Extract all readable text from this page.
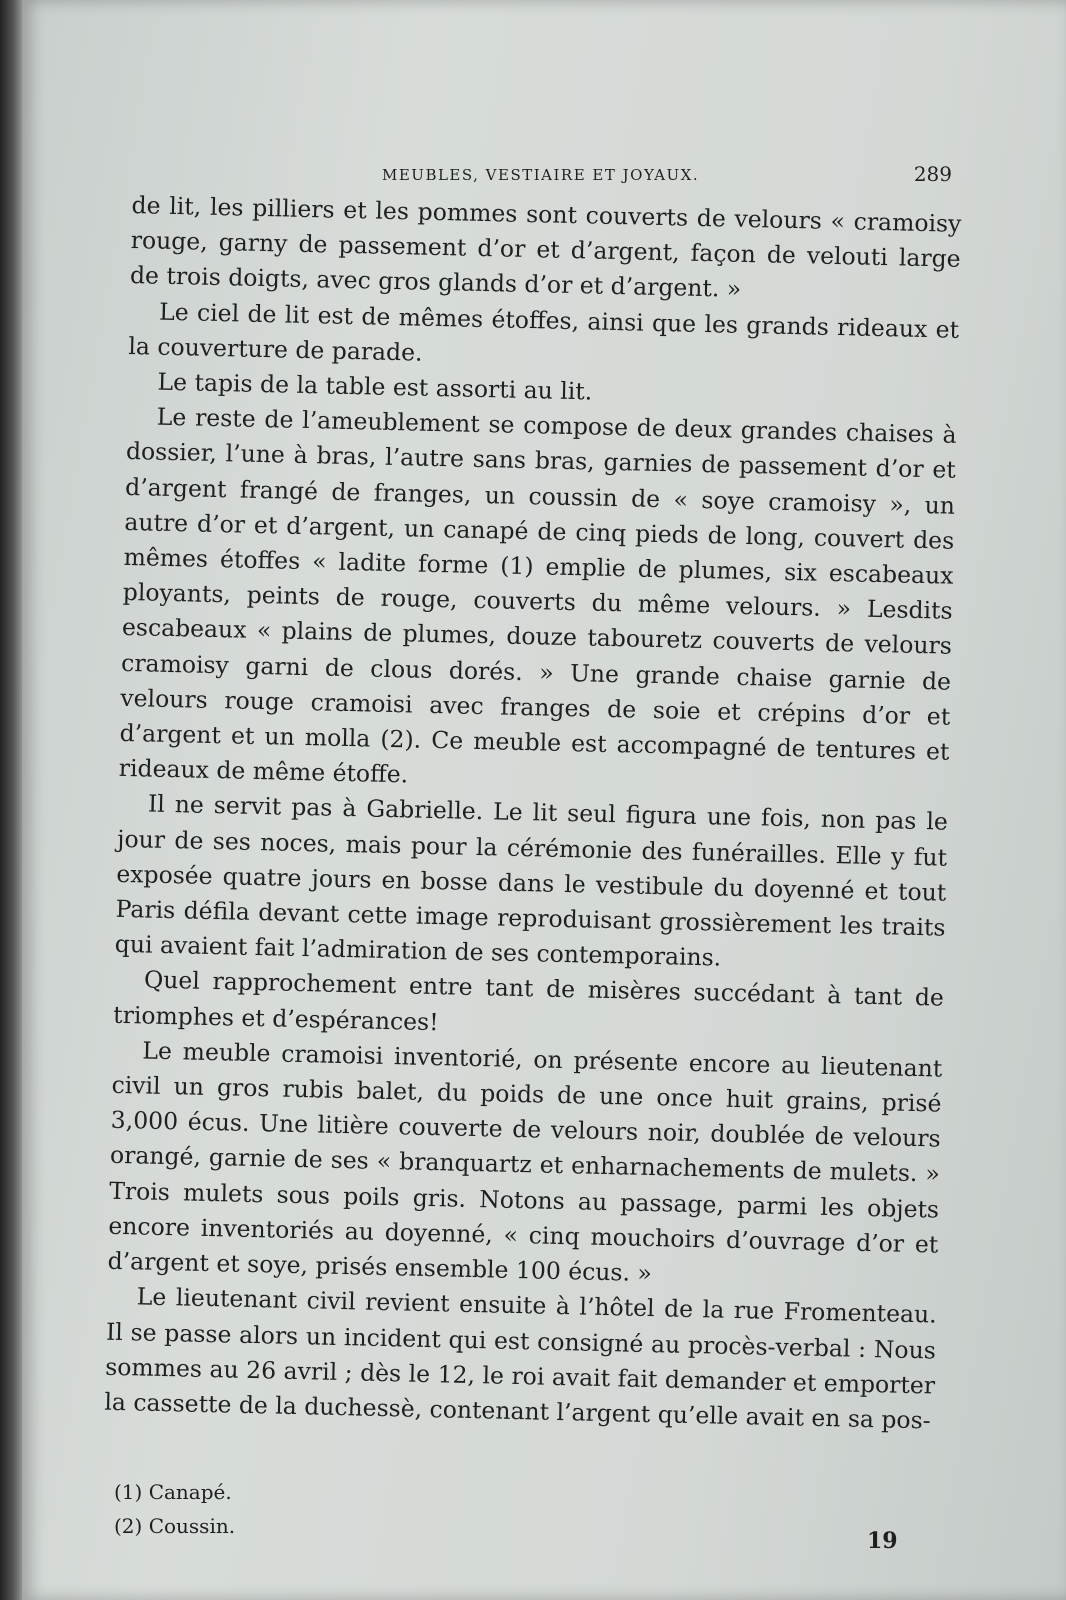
MEUBLES, VESTIAIRE ET JOYAUX.	289

de lit, les pilliers et les pommes sont couverts de velours « cramoisy rouge, garny de passement d’or et d’argent, façon de velouti large de trois doigts, avec gros glands d’or et d’argent. »

Le ciel de lit est de mêmes étoffes, ainsi que les grands rideaux et la couverture de parade.

Le tapis de la table est assorti au lit.

Le reste de l’ameublement se compose de deux grandes chaises à dossier, l’une à bras, l’autre sans bras, garnies de passement d’or et d’argent frangé de franges, un coussin de « soye cramoisy », un autre d’or et d’argent, un canapé de cinq pieds de long, couvert des mêmes étoffes « ladite forme (1) emplie de plumes, six escabeaux ployants, peints de rouge, couverts du même velours. » Lesdits escabeaux « plains de plumes, douze tabouretz couverts de velours cramoisy garni de clous dorés. » Une grande chaise garnie de velours rouge cramoisi avec franges de soie et crépins d’or et d’argent et un molla (2). Ce meuble est accompagné de tentures et rideaux de même étoffe.

Il ne servit pas à Gabrielle. Le lit seul figura une fois, non pas le jour de ses noces, mais pour la cérémonie des funérailles. Elle y fut exposée quatre jours en bosse dans le vestibule du doyenné et tout Paris défila devant cette image reproduisant grossièrement les traits qui avaient fait l’admiration de ses contemporains.

Quel rapprochement entre tant de misères succédant à tant de triomphes et d’espérances!

Le meuble cramoisi inventorié, on présente encore au lieutenant civil un gros rubis balet, du poids de une once huit grains, prisé 3,000 écus. Une litière couverte de velours noir, doublée de velours orangé, garnie de ses « branquartz et enharnachements de mulets. » Trois mulets sous poils gris. Notons au passage, parmi les objets encore inventoriés au doyenné, « cinq mouchoirs d’ouvrage d’or et d’argent et soye, prisés ensemble 100 écus. »

Le lieutenant civil revient ensuite à l’hôtel de la rue Fromenteau. Il se passe alors un incident qui est consigné au procès-verbal : Nous sommes au 26 avril ; dès le 12, le roi avait fait demander et emporter la cassette de la duchessè, contenant l’argent qu’elle avait en sa pos-

(1) Canapé.
(2) Coussin.
19
